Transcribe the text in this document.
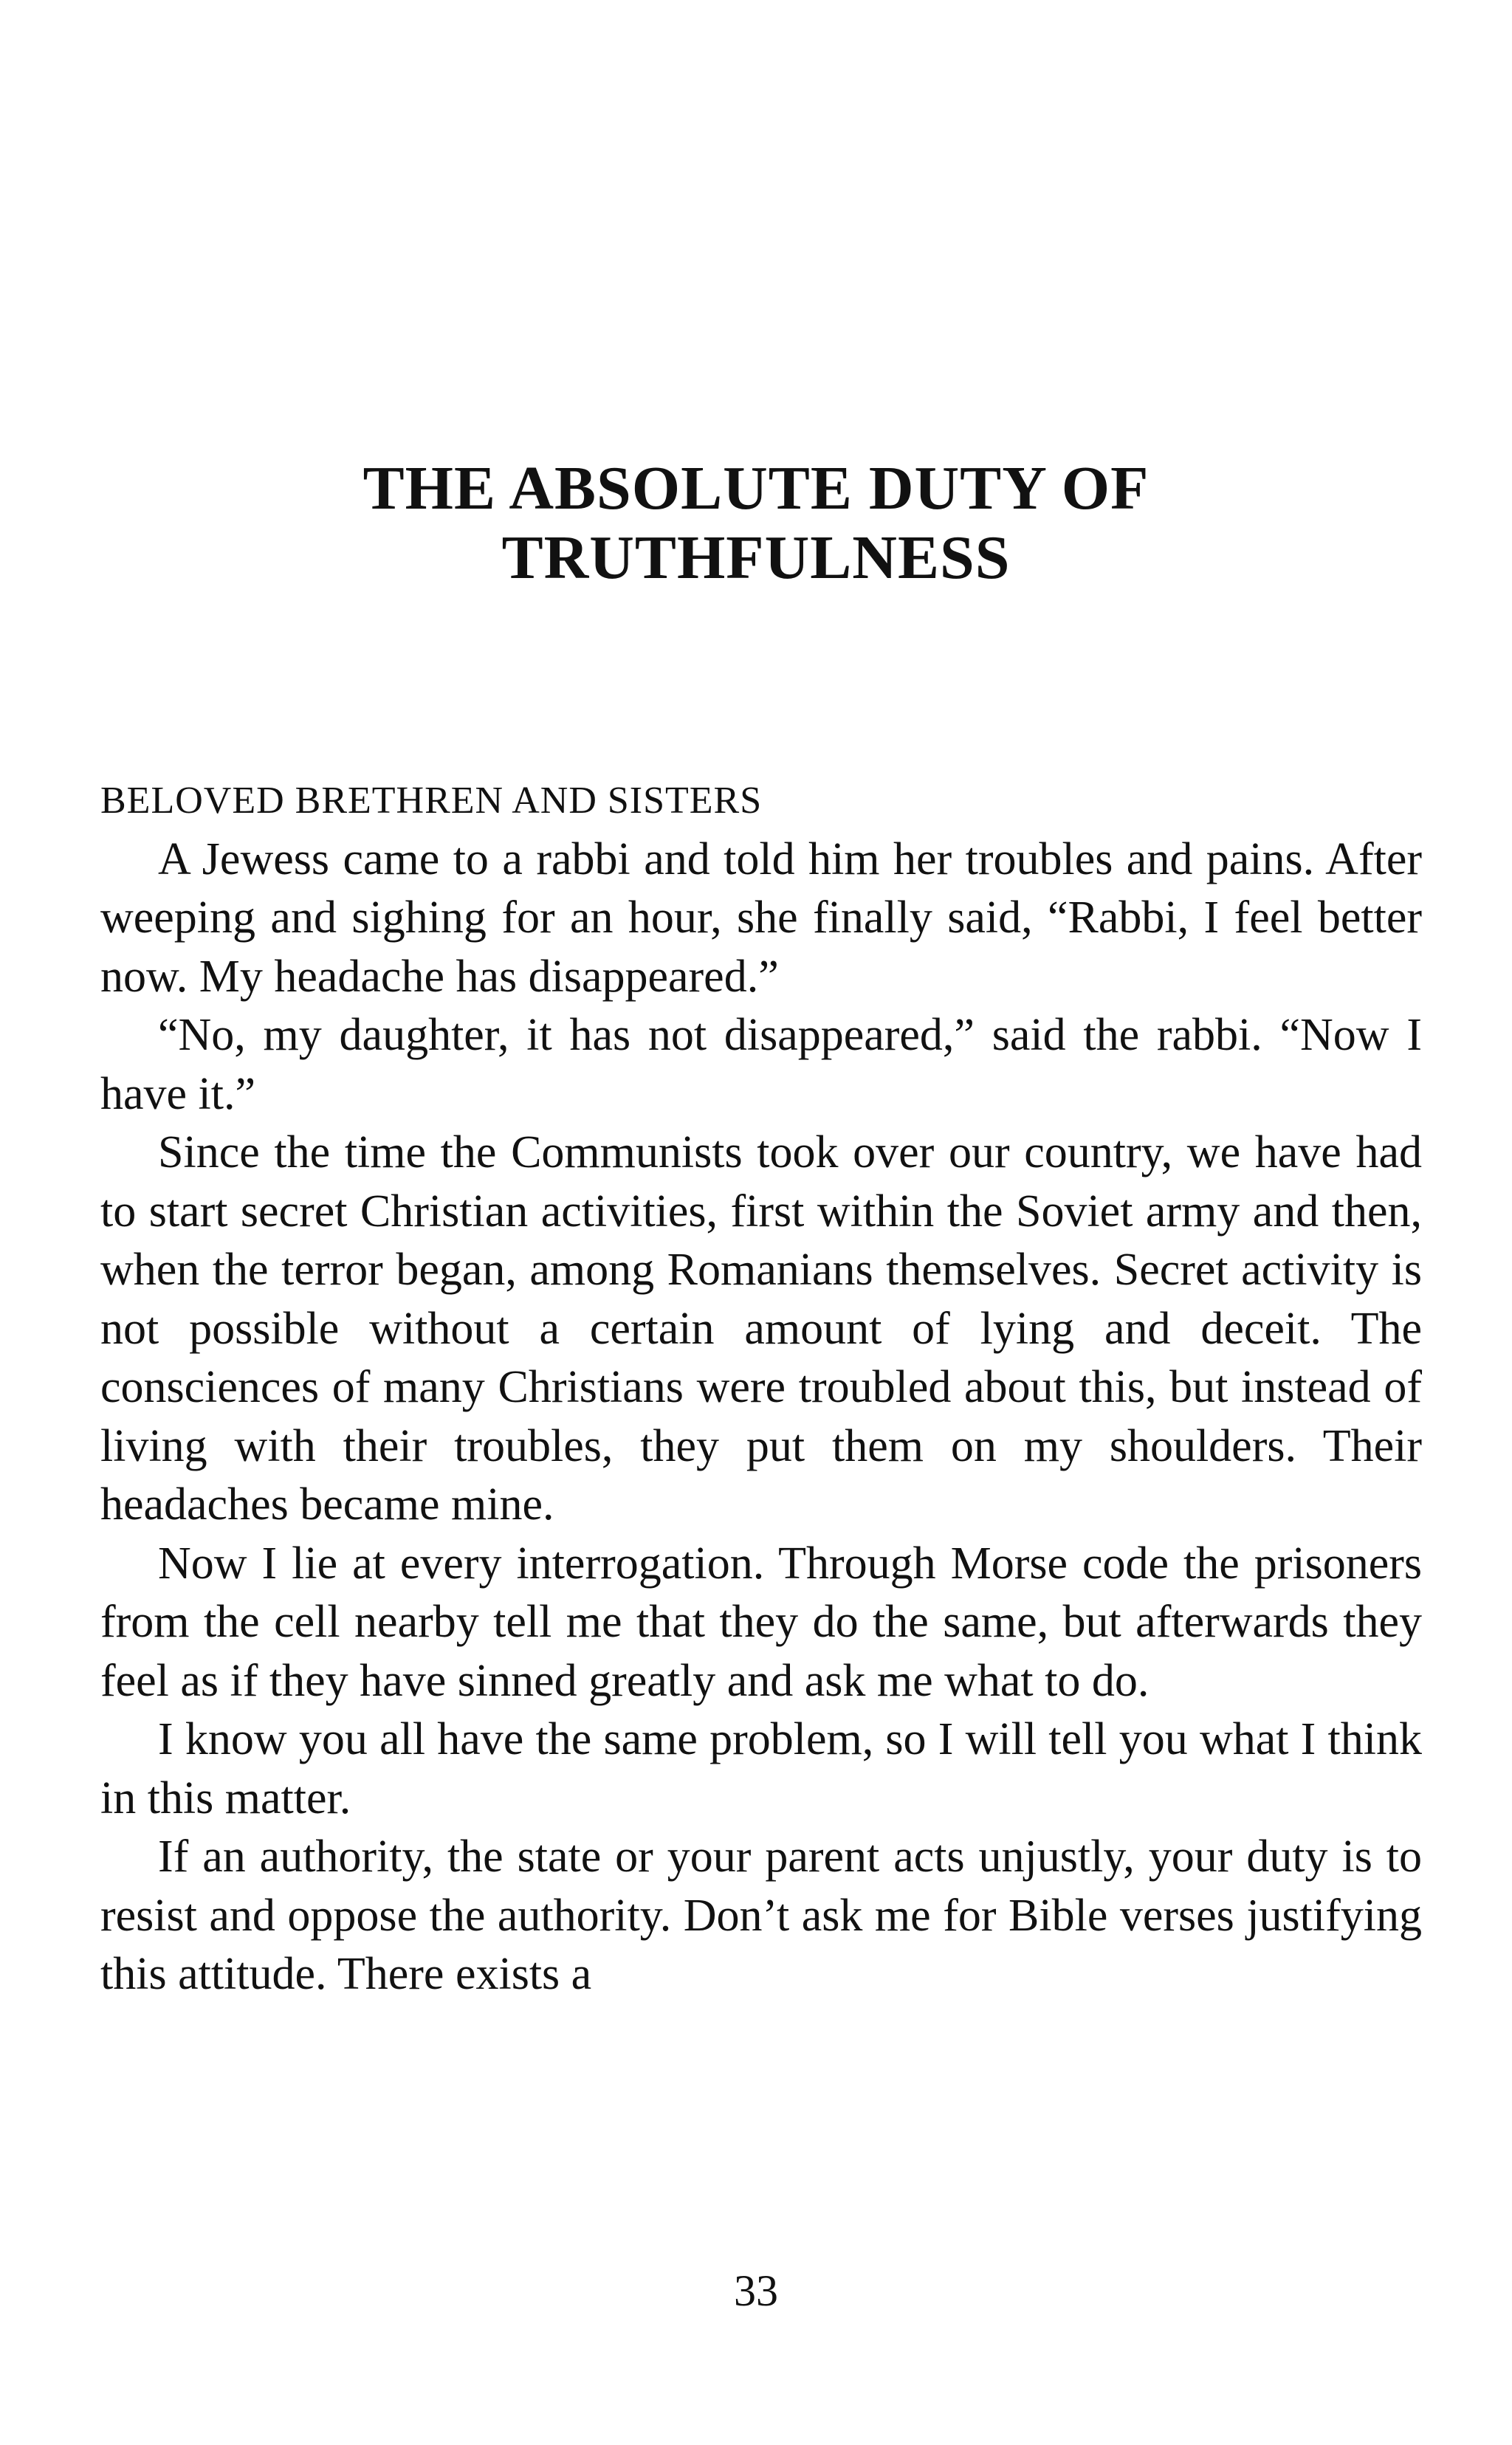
THE ABSOLUTE DUTY OF
TRUTHFULNESS

BELOVED BRETHREN AND SISTERS

A Jewess came to a rabbi and told him her troubles and pains. After weeping and sighing for an hour, she finally said, “Rabbi, I feel better now. My headache has disappeared.”

“No, my daughter, it has not disappeared,” said the rabbi. “Now I have it.”

Since the time the Communists took over our country, we have had to start secret Christian activities, first within the Soviet army and then, when the terror began, among Romanians themselves. Secret activity is not possible without a certain amount of lying and deceit. The consciences of many Christians were troubled about this, but instead of living with their troubles, they put them on my shoulders. Their headaches became mine.

Now I lie at every interrogation. Through Morse code the prisoners from the cell nearby tell me that they do the same, but afterwards they feel as if they have sinned greatly and ask me what to do.

I know you all have the same problem, so I will tell you what I think in this matter.

If an authority, the state or your parent acts unjustly, your duty is to resist and oppose the authority. Don’t ask me for Bible verses justifying this attitude. There exists a

33
